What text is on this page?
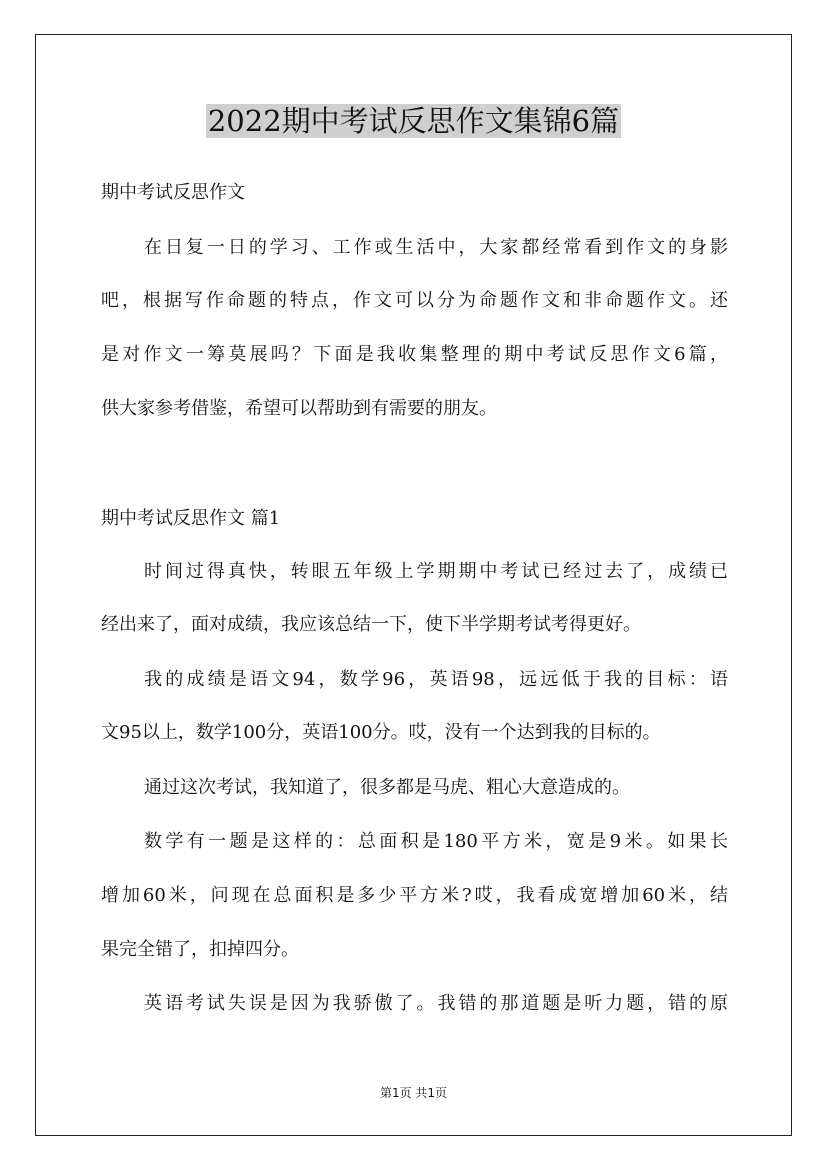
2022期中考试反思作文集锦6篇
期中考试反思作文
在日复一日的学习、工作或生活中，大家都经常看到作文的身影
吧，根据写作命题的特点，作文可以分为命题作文和非命题作文。还
是对作文一筹莫展吗？下面是我收集整理的期中考试反思作文6篇，
供大家参考借鉴，希望可以帮助到有需要的朋友。
期中考试反思作文 篇1
时间过得真快，转眼五年级上学期期中考试已经过去了，成绩已
经出来了，面对成绩，我应该总结一下，使下半学期考试考得更好。
我的成绩是语文94，数学96，英语98，远远低于我的目标：语
文95以上，数学100分，英语100分。哎，没有一个达到我的目标的。
通过这次考试，我知道了，很多都是马虎、粗心大意造成的。
数学有一题是这样的：总面积是180平方米，宽是9米。如果长
增加60米，问现在总面积是多少平方米?哎，我看成宽增加60米，结
果完全错了，扣掉四分。
英语考试失误是因为我骄傲了。我错的那道题是听力题，错的原
第1页 共1页
